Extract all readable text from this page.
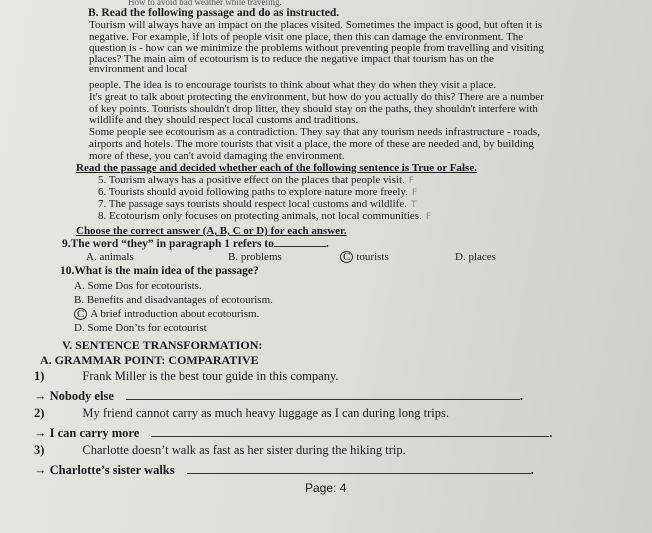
How to avoid bad weather while traveling.
B. Read the following passage and do as instructed.
Tourism will always have an impact on the places visited. Sometimes the impact is good, but often it is
negative. For example, if lots of people visit one place, then this can damage the environment. The
question is - how can we minimize the problems without preventing people from travelling and visiting
places? The main aim of ecotourism is to reduce the negative impact that tourism has on the
environment and local
people. The idea is to encourage tourists to think about what they do when they visit a place.
It's great to talk about protecting the environment, but how do you actually do this? There are a number
of key points. Tourists shouldn't drop litter, they should stay on the paths, they shouldn't interfere with
wildlife and they should respect local customs and traditions.
Some people see ecotourism as a contradiction. They say that any tourism needs infrastructure - roads,
airports and hotels. The more tourists that visit a place, the more of these are needed and, by building
more of these, you can't avoid damaging the environment.
Read the passage and decided whether each of the following sentence is True or False.
5. Tourism always has a positive effect on the places that people visit. F
6. Tourists should avoid following paths to explore nature more freely. F
7. The passage says tourists should respect local customs and wildlife. T
8. Ecotourism only focuses on protecting animals, not local communities. F
Choose the correct answer (A, B, C or D) for each answer.
9.The word “they” in paragraph 1 refers to	.
A. animals	B. problems	C tourists	D. places
10.What is the main idea of the passage?
A. Some Dos for ecotourists.
B. Benefits and disadvantages of ecotourism.
C A brief introduction about ecotourism.
D. Some Don’ts for ecotourist
V. SENTENCE TRANSFORMATION:
A. GRAMMAR POINT: COMPARATIVE
1)	Frank Miller is the best tour guide in this company.
→ Nobody else	.
2)	My friend cannot carry as much heavy luggage as I can during long trips.
→ I can carry more	.
3)	Charlotte doesn’t walk as fast as her sister during the hiking trip.
→ Charlotte’s sister walks	.
Page: 4
